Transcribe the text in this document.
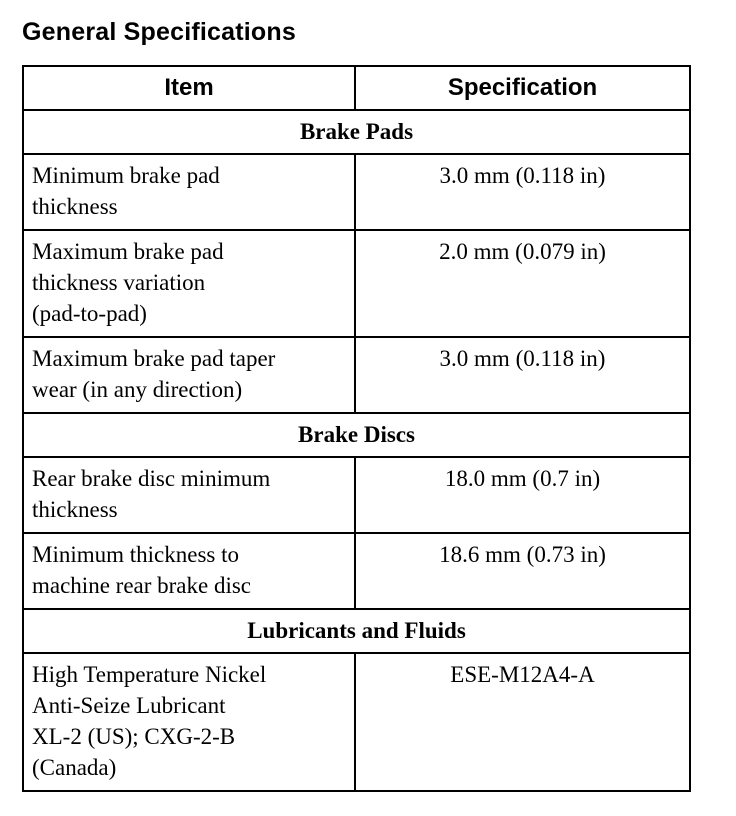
General Specifications
Item	Specification
Brake Pads	

Minimum brake pad
thickness	3.0 mm (0.118 in)

Maximum brake pad
thickness variation
(pad-to-pad)	2.0 mm (0.079 in)

Maximum brake pad taper
wear (in any direction)	3.0 mm (0.118 in)
Brake Discs	

Rear brake disc minimum
thickness	18.0 mm (0.7 in)

Minimum thickness to
machine rear brake disc	18.6 mm (0.73 in)
Lubricants and Fluids	

High Temperature Nickel
Anti-Seize Lubricant
XL-2 (US); CXG-2-B
(Canada)	ESE-M12A4-A
